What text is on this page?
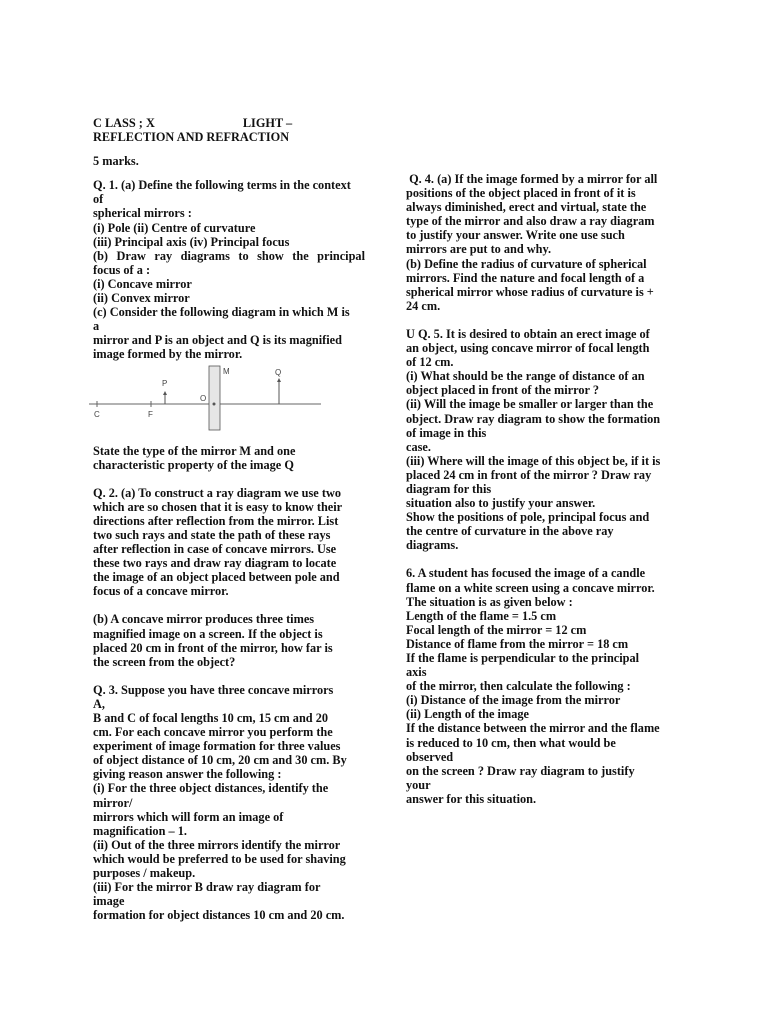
C LASS ; X	LIGHT –
REFLECTION AND REFRACTION
5 marks.
Q. 1. (a) Define the following terms in the context
of
spherical mirrors :
(i) Pole (ii) Centre of curvature
(iii) Principal axis (iv) Principal focus
(b) Draw ray diagrams to show the principal
focus of a :
(i) Concave mirror
(ii) Convex mirror
(c) Consider the following diagram in which M is
a
mirror and P is an object and Q is its magnified
image formed by the mirror.
M
P
Q
O
C	F
State the type of the mirror M and one
characteristic property of the image Q
Q. 2. (a) To construct a ray diagram we use two
which are so chosen that it is easy to know their
directions after reflection from the mirror. List
two such rays and state the path of these rays
after reflection in case of concave mirrors. Use
these two rays and draw ray diagram to locate
the image of an object placed between pole and
focus of a concave mirror.
(b) A concave mirror produces three times
magnified image on a screen. If the object is
placed 20 cm in front of the mirror, how far is
the screen from the object?
Q. 3. Suppose you have three concave mirrors
A,
B and C of focal lengths 10 cm, 15 cm and 20
cm. For each concave mirror you perform the
experiment of image formation for three values
of object distance of 10 cm, 20 cm and 30 cm. By
giving reason answer the following :
(i) For the three object distances, identify the
mirror/
mirrors which will form an image of
magnification – 1.
(ii) Out of the three mirrors identify the mirror
which would be preferred to be used for shaving
purposes / makeup.
(iii) For the mirror B draw ray diagram for
image
formation for object distances 10 cm and 20 cm.
Q. 4. (a) If the image formed by a mirror for all
positions of the object placed in front of it is
always diminished, erect and virtual, state the
type of the mirror and also draw a ray diagram
to justify your answer. Write one use such
mirrors are put to and why.
(b) Define the radius of curvature of spherical
mirrors. Find the nature and focal length of a
spherical mirror whose radius of curvature is +
24 cm.
U Q. 5. It is desired to obtain an erect image of
an object, using concave mirror of focal length
of 12 cm.
(i) What should be the range of distance of an
object placed in front of the mirror ?
(ii) Will the image be smaller or larger than the
object. Draw ray diagram to show the formation
of image in this
case.
(iii) Where will the image of this object be, if it is
placed 24 cm in front of the mirror ? Draw ray
diagram for this
situation also to justify your answer.
Show the positions of pole, principal focus and
the centre of curvature in the above ray
diagrams.
6. A student has focused the image of a candle
flame on a white screen using a concave mirror.
The situation is as given below :
Length of the flame = 1.5 cm
Focal length of the mirror = 12 cm
Distance of flame from the mirror = 18 cm
If the flame is perpendicular to the principal
axis
of the mirror, then calculate the following :
(i) Distance of the image from the mirror
(ii) Length of the image
If the distance between the mirror and the flame
is reduced to 10 cm, then what would be
observed
on the screen ? Draw ray diagram to justify
your
answer for this situation.
